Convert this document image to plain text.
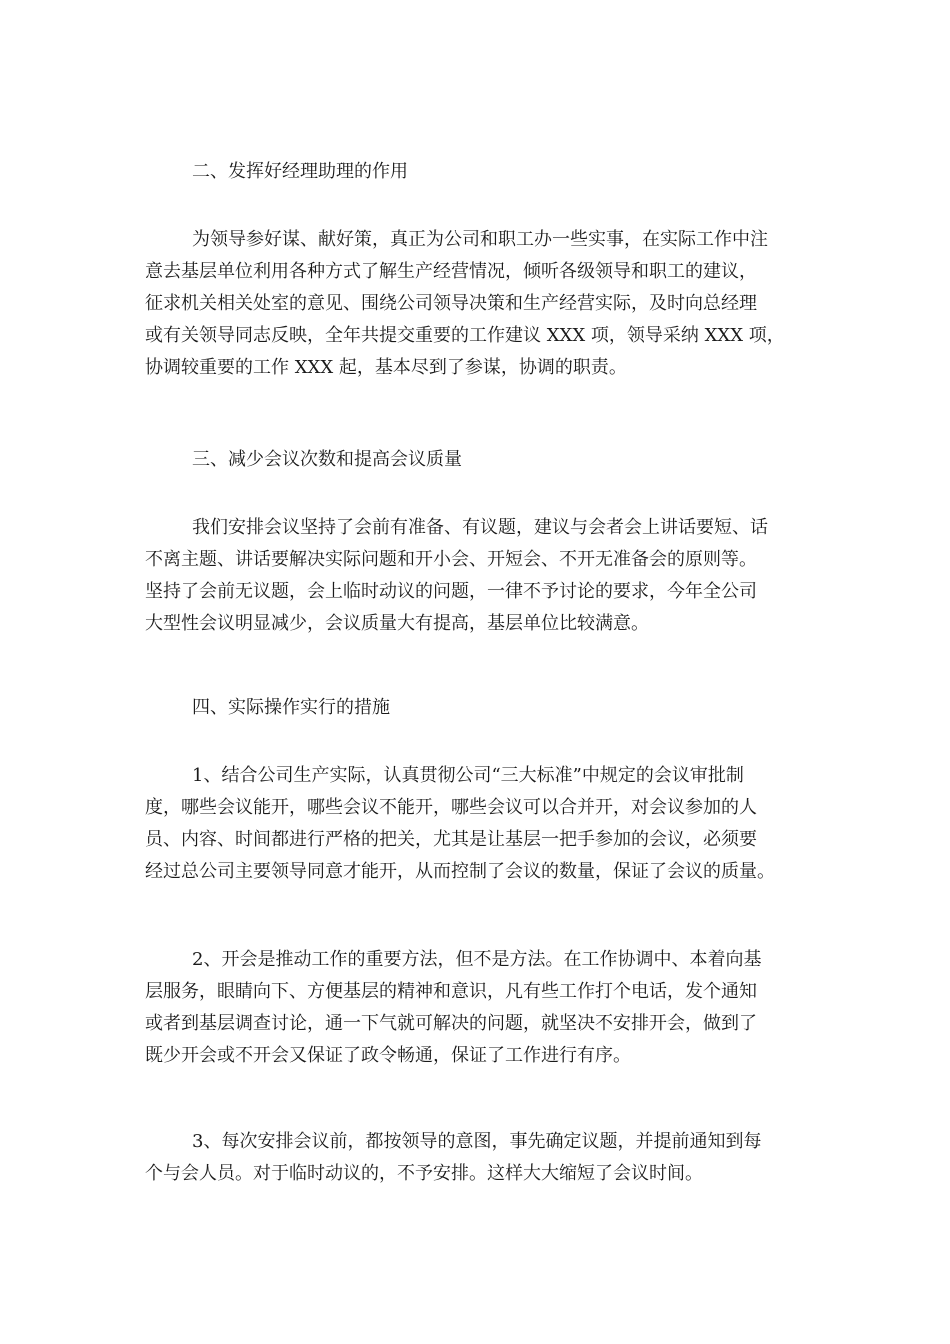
二、发挥好经理助理的作用
为领导参好谋、献好策，真正为公司和职工办一些实事，在实际工作中注
意去基层单位利用各种方式了解生产经营情况，倾听各级领导和职工的建议，
征求机关相关处室的意见、围绕公司领导决策和生产经营实际，及时向总经理
或有关领导同志反映，全年共提交重要的工作建议 XXX 项，领导采纳 XXX 项，
协调较重要的工作 XXX 起，基本尽到了参谋，协调的职责。
三、减少会议次数和提高会议质量
我们安排会议坚持了会前有准备、有议题，建议与会者会上讲话要短、话
不离主题、讲话要解决实际问题和开小会、开短会、不开无准备会的原则等。
坚持了会前无议题，会上临时动议的问题，一律不予讨论的要求，今年全公司
大型性会议明显减少，会议质量大有提高，基层单位比较满意。
四、实际操作实行的措施
1、结合公司生产实际，认真贯彻公司“三大标准”中规定的会议审批制
度，哪些会议能开，哪些会议不能开，哪些会议可以合并开，对会议参加的人
员、内容、时间都进行严格的把关，尤其是让基层一把手参加的会议，必须要
经过总公司主要领导同意才能开，从而控制了会议的数量，保证了会议的质量。
2、开会是推动工作的重要方法，但不是方法。在工作协调中、本着向基
层服务，眼睛向下、方便基层的精神和意识，凡有些工作打个电话，发个通知
或者到基层调查讨论，通一下气就可解决的问题，就坚决不安排开会，做到了
既少开会或不开会又保证了政令畅通，保证了工作进行有序。
3、每次安排会议前，都按领导的意图，事先确定议题，并提前通知到每
个与会人员。对于临时动议的，不予安排。这样大大缩短了会议时间。
